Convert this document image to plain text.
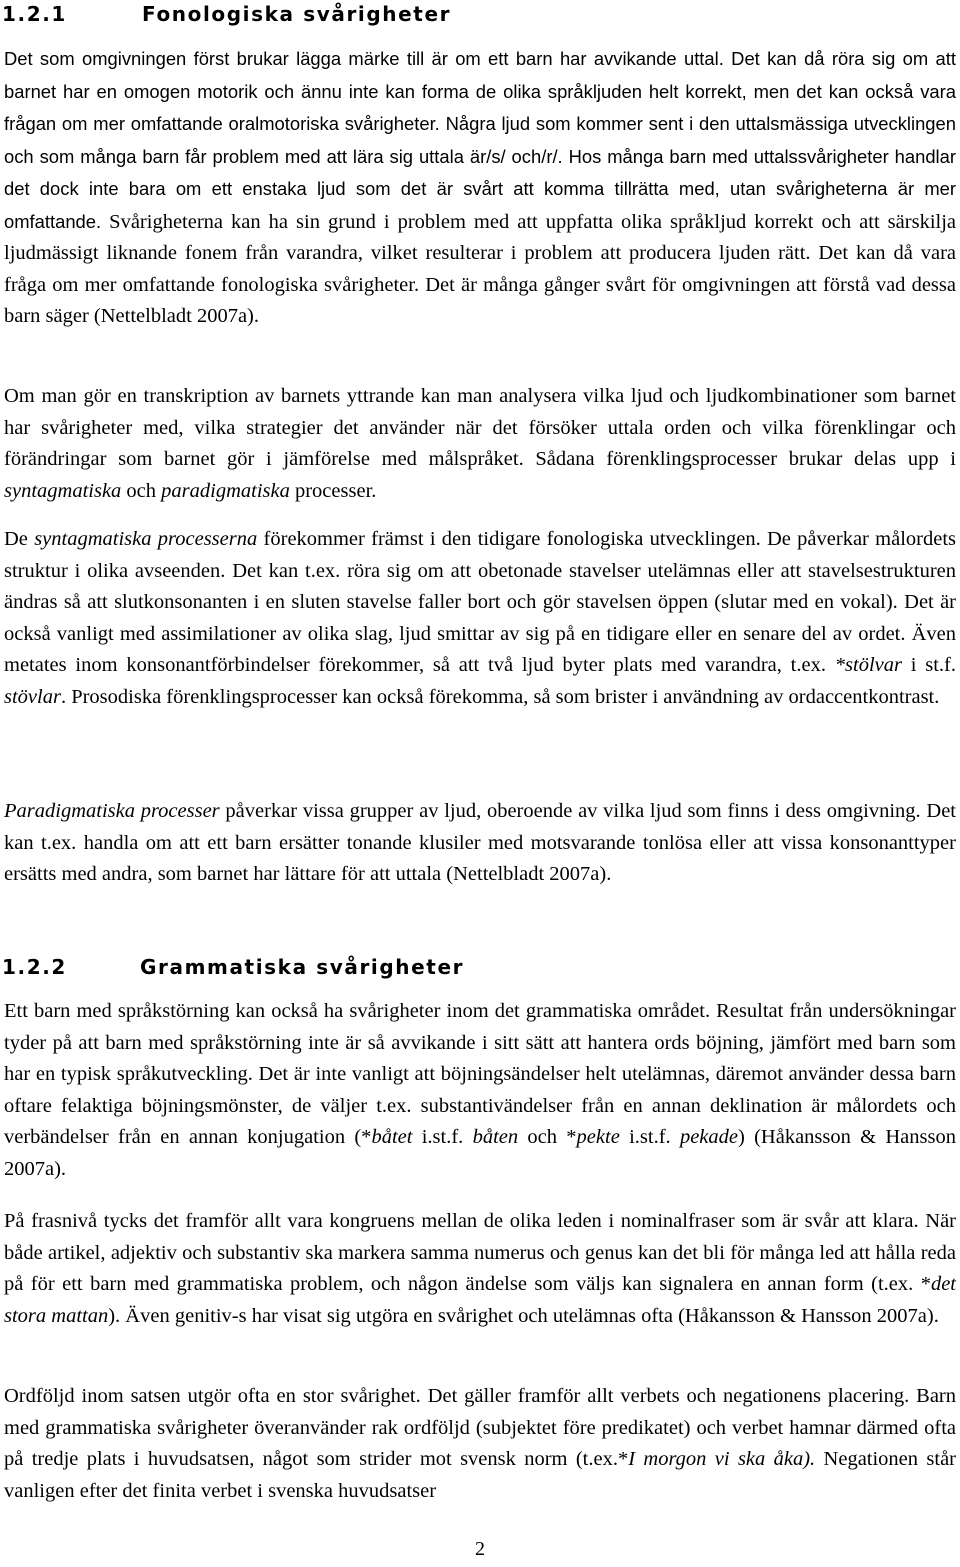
1.2.1	Fonologiska svårigheter

Det som omgivningen först brukar lägga märke till är om ett barn har avvikande uttal. Det kan då röra sig om att barnet har en omogen motorik och ännu inte kan forma de olika språkljuden helt korrekt, men det kan också vara frågan om mer omfattande oralmotoriska svårigheter. Några ljud som kommer sent i den uttalsmässiga utvecklingen och som många barn får problem med att lära sig uttala är/s/ och/r/. Hos många barn med uttalssvårigheter handlar det dock inte bara om ett enstaka ljud som det är svårt att komma tillrätta med, utan svårigheterna är mer omfattande. Svårigheterna kan ha sin grund i problem med att uppfatta olika språkljud korrekt och att särskilja ljudmässigt liknande fonem från varandra, vilket resulterar i problem att producera ljuden rätt. Det kan då vara fråga om mer omfattande fonologiska svårigheter. Det är många gånger svårt för omgivningen att förstå vad dessa barn säger (Nettelbladt 2007a).

Om man gör en transkription av barnets yttrande kan man analysera vilka ljud och ljudkombinationer som barnet har svårigheter med, vilka strategier det använder när det försöker uttala orden och vilka förenklingar och förändringar som barnet gör i jämförelse med målspråket. Sådana förenklingsprocesser brukar delas upp i syntagmatiska och paradigmatiska processer.

De syntagmatiska processerna förekommer främst i den tidigare fonologiska utvecklingen. De påverkar målordets struktur i olika avseenden. Det kan t.ex. röra sig om att obetonade stavelser utelämnas eller att stavelsestrukturen ändras så att slutkonsonanten i en sluten stavelse faller bort och gör stavelsen öppen (slutar med en vokal). Det är också vanligt med assimilationer av olika slag, ljud smittar av sig på en tidigare eller en senare del av ordet. Även metates inom konsonantförbindelser förekommer, så att två ljud byter plats med varandra, t.ex. *stölvar i st.f. stövlar. Prosodiska förenklingsprocesser kan också förekomma, så som brister i användning av ordaccentkontrast.

Paradigmatiska processer påverkar vissa grupper av ljud, oberoende av vilka ljud som finns i dess omgivning. Det kan t.ex. handla om att ett barn ersätter tonande klusiler med motsvarande tonlösa eller att vissa konsonanttyper ersätts med andra, som barnet har lättare för att uttala (Nettelbladt 2007a).

1.2.2	Grammatiska svårigheter

Ett barn med språkstörning kan också ha svårigheter inom det grammatiska området. Resultat från undersökningar tyder på att barn med språkstörning inte är så avvikande i sitt sätt att hantera ords böjning, jämfört med barn som har en typisk språkutveckling. Det är inte vanligt att böjningsändelser helt utelämnas, däremot använder dessa barn oftare felaktiga böjningsmönster, de väljer t.ex. substantivändelser från en annan deklination är målordets och verbändelser från en annan konjugation (*båtet i.st.f. båten och *pekte i.st.f. pekade) (Håkansson & Hansson 2007a).

På frasnivå tycks det framför allt vara kongruens mellan de olika leden i nominalfraser som är svår att klara. När både artikel, adjektiv och substantiv ska markera samma numerus och genus kan det bli för många led att hålla reda på för ett barn med grammatiska problem, och någon ändelse som väljs kan signalera en annan form (t.ex. *det stora mattan). Även genitiv-s har visat sig utgöra en svårighet och utelämnas ofta (Håkansson & Hansson 2007a).

Ordföljd inom satsen utgör ofta en stor svårighet. Det gäller framför allt verbets och negationens placering. Barn med grammatiska svårigheter överanvänder rak ordföljd (subjektet före predikatet) och verbet hamnar därmed ofta på tredje plats i huvudsatsen, något som strider mot svensk norm (t.ex.*I morgon vi ska åka). Negationen står vanligen efter det finita verbet i svenska huvudsatser

2
